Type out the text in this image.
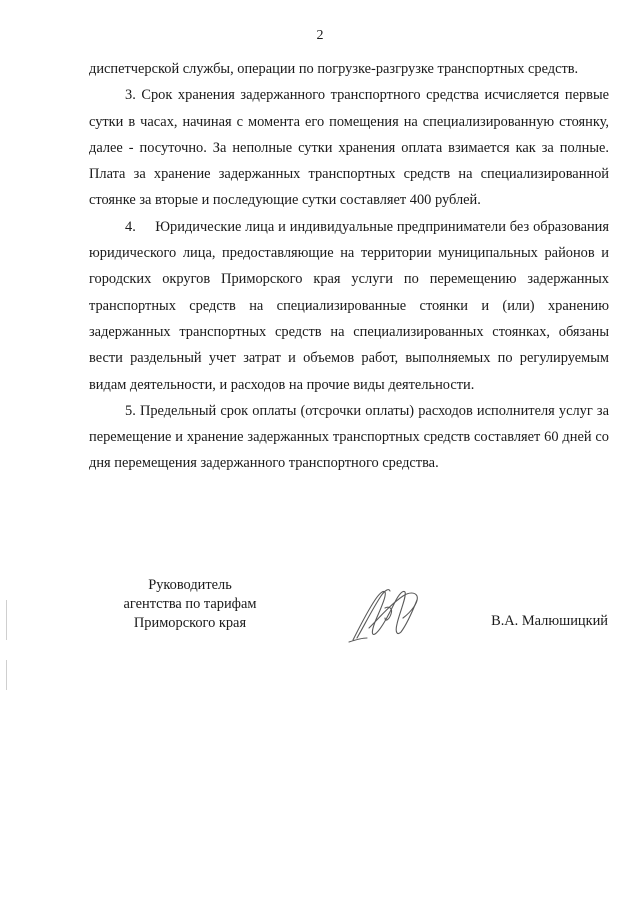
2

диспетчерской службы, операции по погрузке-разгрузке транспортных средств.

3. Срок хранения задержанного транспортного средства исчисляется первые сутки в часах, начиная с момента его помещения на специализированную стоянку, далее - посуточно. За неполные сутки хранения оплата взимается как за полные. Плата за хранение задержанных транспортных средств на специализированной стоянке за вторые и последующие сутки составляет 400 рублей.

4.     Юридические лица и индивидуальные предприниматели без образования юридического лица, предоставляющие на территории муниципальных районов и городских округов Приморского края услуги по перемещению задержанных транспортных средств на специализированные стоянки и (или) хранению задержанных транспортных средств на специализированных стоянках, обязаны вести раздельный учет затрат и объемов работ, выполняемых по регулируемым видам деятельности, и расходов на прочие виды деятельности.

5. Предельный срок оплаты (отсрочки оплаты) расходов исполнителя услуг за перемещение и хранение задержанных транспортных средств составляет 60 дней со дня перемещения задержанного транспортного средства.

Руководитель
агентства по тарифам
Приморского края	В.А. Малюшицкий
